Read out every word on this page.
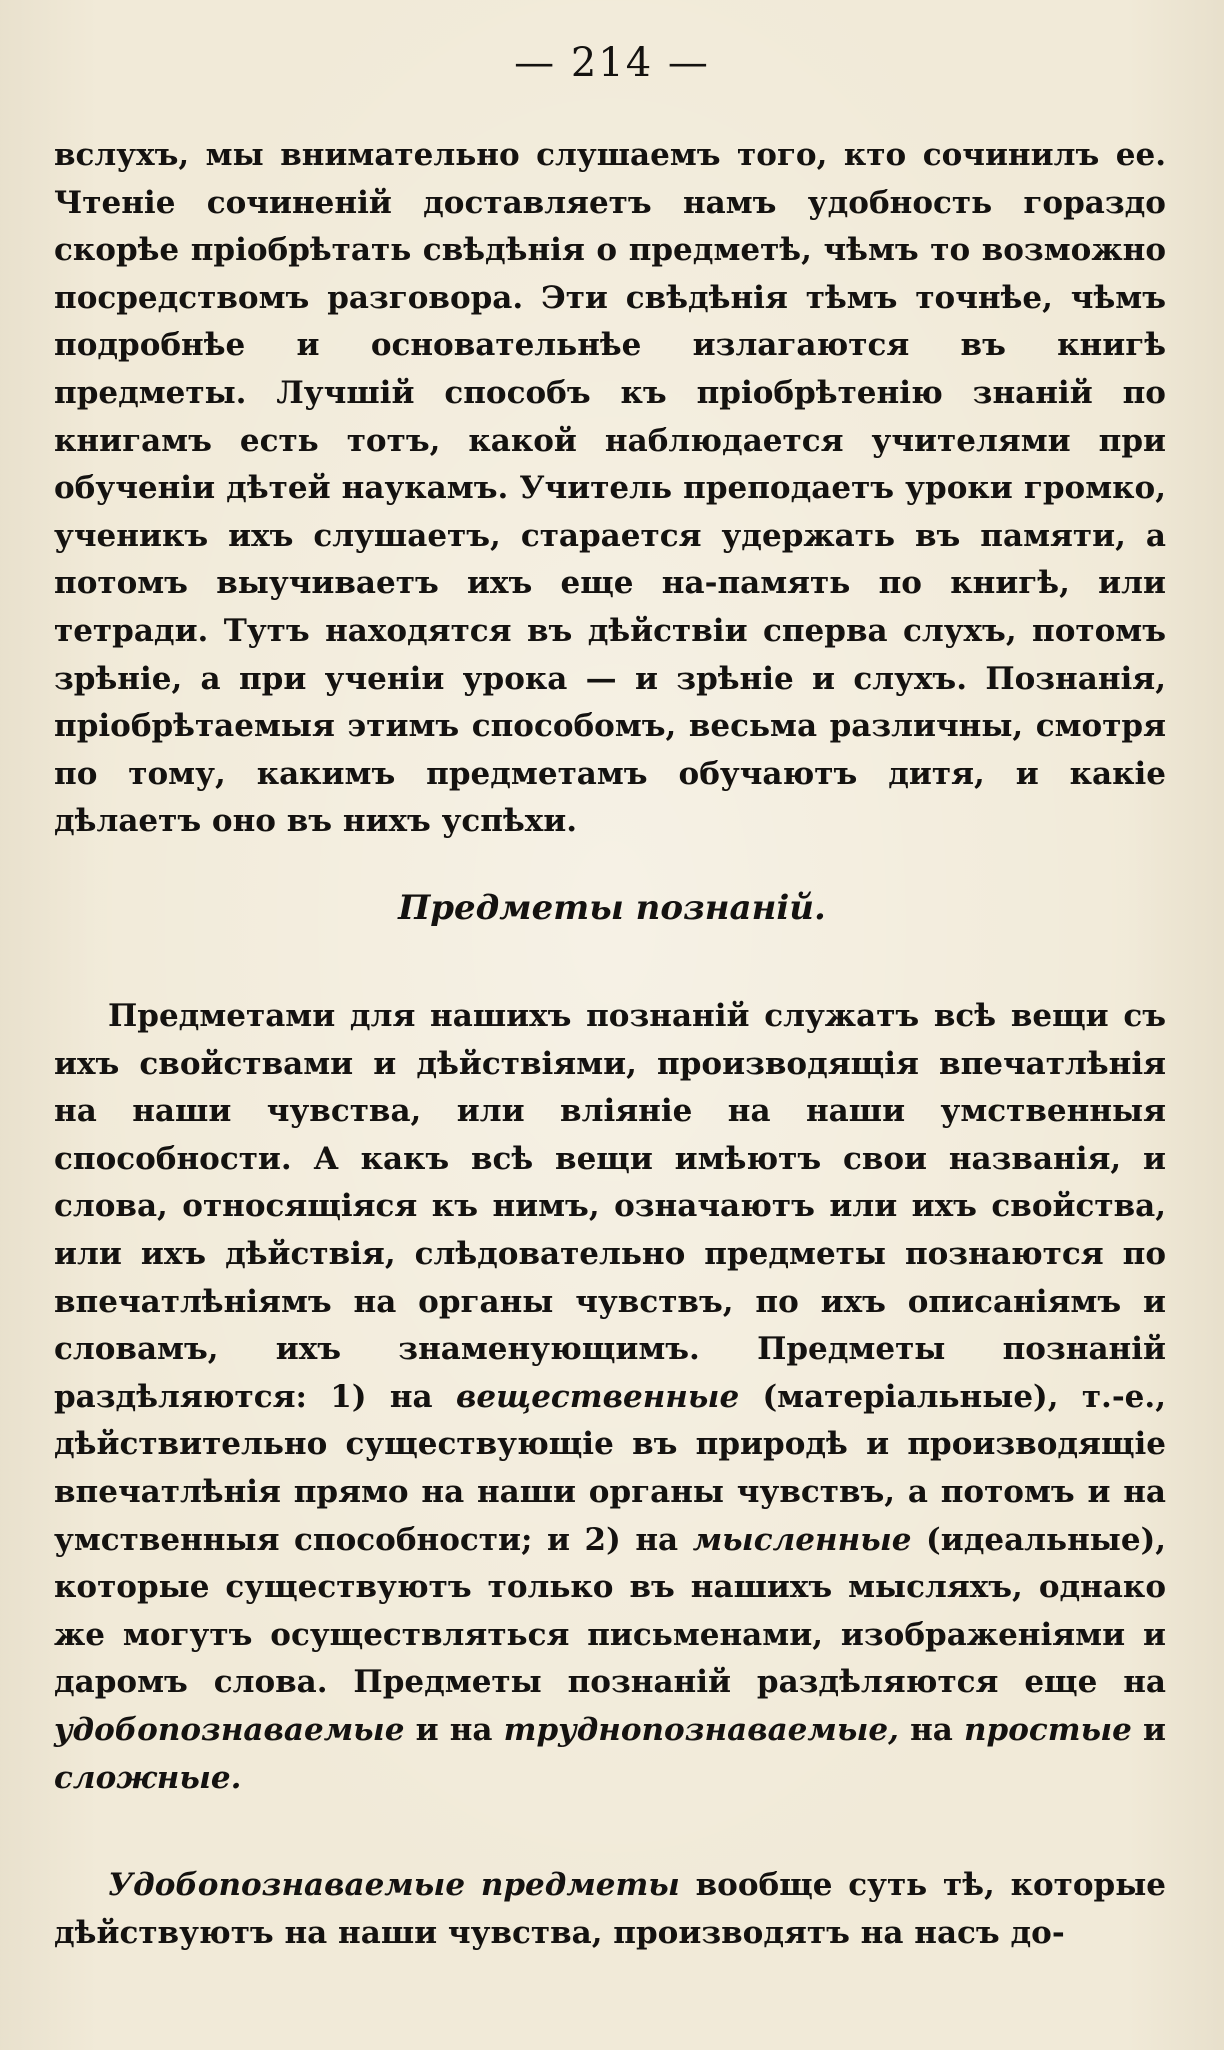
— 214 —
вслухъ, мы внимательно слушаемъ того, кто сочинилъ ее. Чтеніе сочиненій доставляетъ намъ удобность гораздо скорѣе пріобрѣтать свѣдѣнія о предметѣ, чѣмъ то возможно посредствомъ разговора. Эти свѣдѣнія тѣмъ точнѣе, чѣмъ подробнѣе и основательнѣе излагаются въ книгѣ предметы. Лучшій способъ къ пріобрѣтенію знаній по книгамъ есть тотъ, какой наблюдается учителями при обученіи дѣтей наукамъ. Учитель преподаетъ уроки громко, ученикъ ихъ слушаетъ, старается удержать въ памяти, а потомъ выучиваетъ ихъ еще на-память по книгѣ, или тетради. Тутъ находятся въ дѣйствіи сперва слухъ, потомъ зрѣніе, а при ученіи урока — и зрѣніе и слухъ. Познанія, пріобрѣтаемыя этимъ способомъ, весьма различны, смотря по тому, какимъ предметамъ обучаютъ дитя, и какіе дѣлаетъ оно въ нихъ успѣхи.
Предметы познаній.
Предметами для нашихъ познаній служатъ всѣ вещи съ ихъ свойствами и дѣйствіями, производящія впечатлѣнія на наши чувства, или вліяніе на наши умственныя способности. А какъ всѣ вещи имѣютъ свои названія, и слова, относящіяся къ нимъ, означаютъ или ихъ свойства, или ихъ дѣйствія, слѣдовательно предметы познаются по впечатлѣніямъ на органы чувствъ, по ихъ описаніямъ и словамъ, ихъ знаменующимъ. Предметы познаній раздѣляются: 1) на вещественные (матеріальные), т.-е., дѣйствительно существующіе въ природѣ и производящіе впечатлѣнія прямо на наши органы чувствъ, а потомъ и на умственныя способности; и 2) на мысленные (идеальные), которые существуютъ только въ нашихъ мысляхъ, однако же могутъ осуществляться письменами, изображеніями и даромъ слова. Предметы познаній раздѣляются еще на удобопознаваемые и на труднопознаваемые, на простые и сложные.
Удобопознаваемые предметы вообще суть тѣ, которые дѣйствуютъ на наши чувства, производятъ на насъ до-
